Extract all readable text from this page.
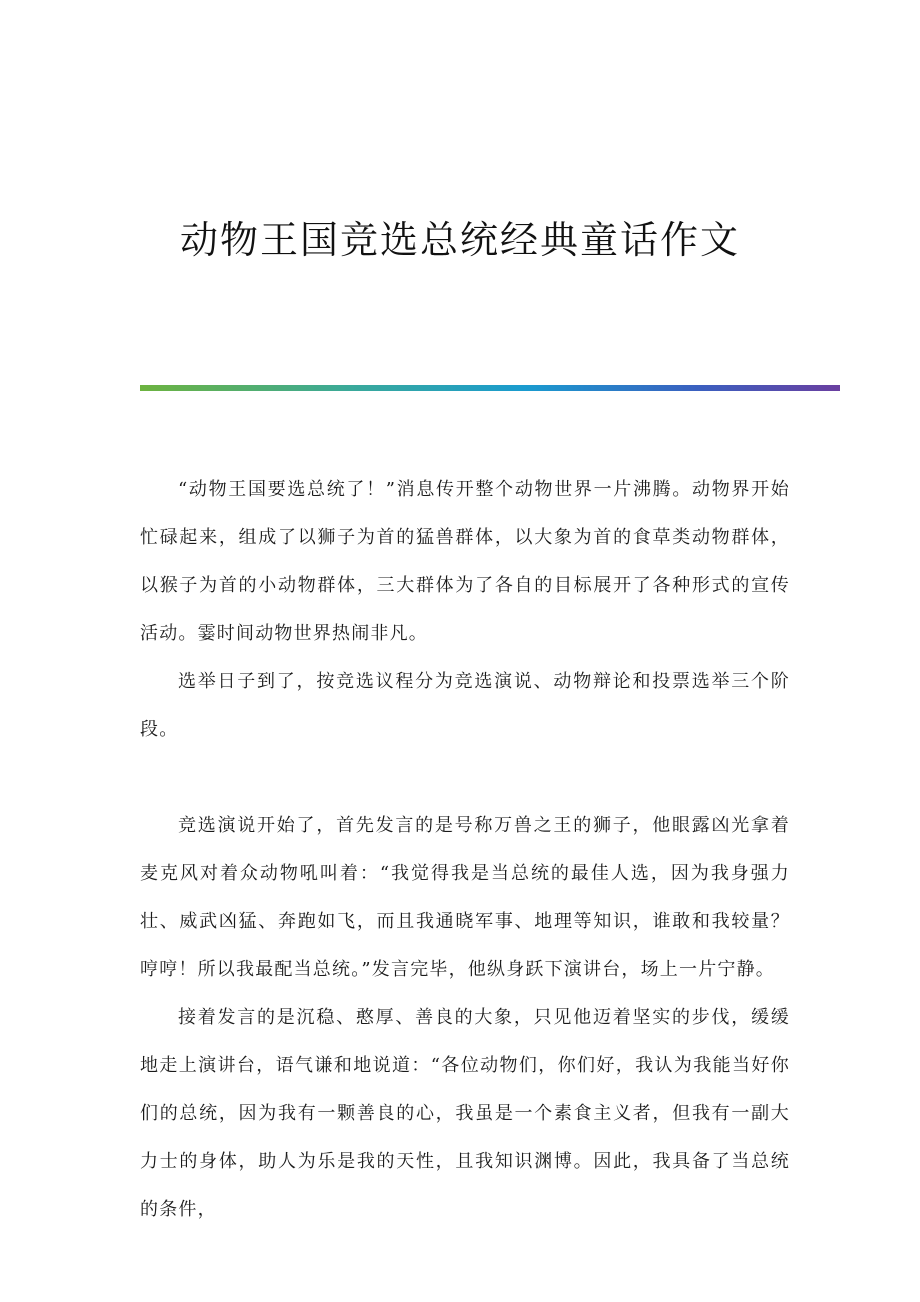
动物王国竞选总统经典童话作文

“动物王国要选总统了！”消息传开整个动物世界一片沸腾。动物界开始忙碌起来，组成了以狮子为首的猛兽群体，以大象为首的食草类动物群体，以猴子为首的小动物群体，三大群体为了各自的目标展开了各种形式的宣传活动。霎时间动物世界热闹非凡。

选举日子到了，按竞选议程分为竞选演说、动物辩论和投票选举三个阶段。

竞选演说开始了，首先发言的是号称万兽之王的狮子，他眼露凶光拿着麦克风对着众动物吼叫着：“我觉得我是当总统的最佳人选，因为我身强力壮、威武凶猛、奔跑如飞，而且我通晓军事、地理等知识，谁敢和我较量？哼哼！所以我最配当总统。”发言完毕，他纵身跃下演讲台，场上一片宁静。

接着发言的是沉稳、憨厚、善良的大象，只见他迈着坚实的步伐，缓缓地走上演讲台，语气谦和地说道：“各位动物们，你们好，我认为我能当好你们的总统，因为我有一颗善良的心，我虽是一个素食主义者，但我有一副大力士的身体，助人为乐是我的天性，且我知识渊博。因此，我具备了当总统的条件，
